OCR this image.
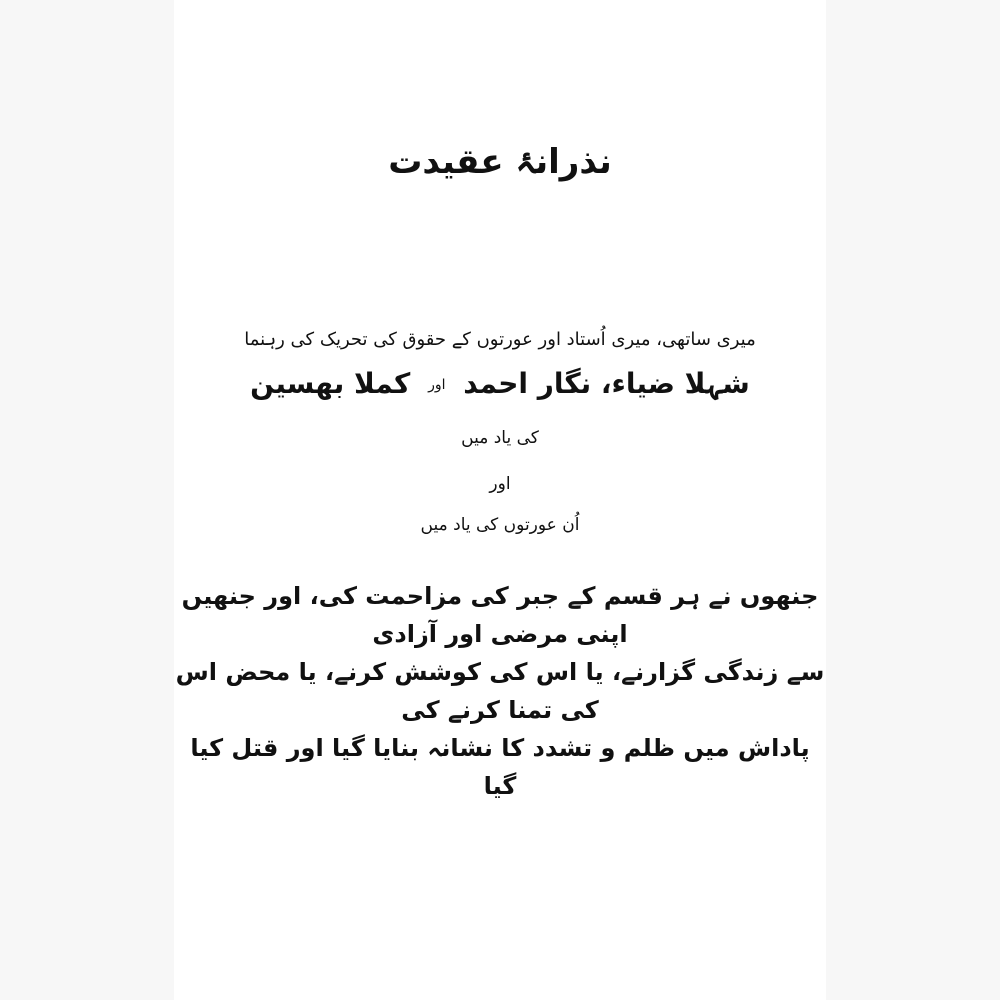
نذرانۂ عقیدت
میری ساتھی، میری اُستاد اور عورتوں کے حقوق کی تحریک کی رہنما
شہلا ضیاء، نگار احمد اور کملا بھسین
کی یاد میں
اور
اُن عورتوں کی یاد میں
جنھوں نے ہر قسم کے جبر کی مزاحمت کی، اور جنھیں اپنی مرضی اور آزادی
سے زندگی گزارنے، یا اس کی کوشش کرنے، یا محض اس کی تمنا کرنے کی
پاداش میں ظلم و تشدد کا نشانہ بنایا گیا اور قتل کیا گیا
